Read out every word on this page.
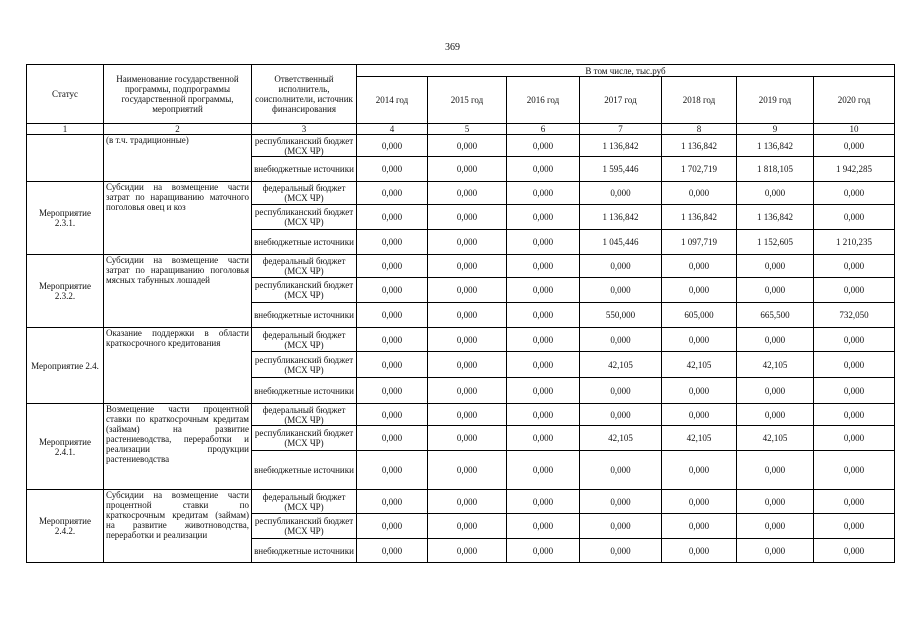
369
Статус	Наименование государственной программы, подпрограммы государственной программы, мероприятий	Ответственный исполнитель, соисполнители, источник финансирования	В том числе, тыс.руб						
			2014 год	2015 год	2016 год	2017 год	2018 год	2019 год	2020 год
1	2	3	4	5	6	7	8	9	10
	(в т.ч. традиционные)	республиканский бюджет (МСХ ЧР)	0,000	0,000	0,000	1 136,842	1 136,842	1 136,842	0,000
		внебюджетные источники	0,000	0,000	0,000	1 595,446	1 702,719	1 818,105	1 942,285
Мероприятие 2.3.1.	Субсидии на возмещение части затрат по наращиванию маточного поголовья овец и коз	федеральный бюджет (МСХ ЧР)	0,000	0,000	0,000	0,000	0,000	0,000	0,000
		республиканский бюджет (МСХ ЧР)	0,000	0,000	0,000	1 136,842	1 136,842	1 136,842	0,000
		внебюджетные источники	0,000	0,000	0,000	1 045,446	1 097,719	1 152,605	1 210,235
Мероприятие 2.3.2.	Субсидии на возмещение части затрат по наращиванию поголовья мясных табунных лошадей	федеральный бюджет (МСХ ЧР)	0,000	0,000	0,000	0,000	0,000	0,000	0,000
		республиканский бюджет (МСХ ЧР)	0,000	0,000	0,000	0,000	0,000	0,000	0,000
		внебюджетные источники	0,000	0,000	0,000	550,000	605,000	665,500	732,050
Мероприятие 2.4.	Оказание поддержки в области краткосрочного кредитования	федеральный бюджет (МСХ ЧР)	0,000	0,000	0,000	0,000	0,000	0,000	0,000
		республиканский бюджет (МСХ ЧР)	0,000	0,000	0,000	42,105	42,105	42,105	0,000
		внебюджетные источники	0,000	0,000	0,000	0,000	0,000	0,000	0,000
Мероприятие 2.4.1.	Возмещение части процентной ставки по краткосрочным кредитам (займам) на развитие растениеводства, переработки и реализации продукции растениеводства	федеральный бюджет (МСХ ЧР)	0,000	0,000	0,000	0,000	0,000	0,000	0,000
		республиканский бюджет (МСХ ЧР)	0,000	0,000	0,000	42,105	42,105	42,105	0,000
		внебюджетные источники	0,000	0,000	0,000	0,000	0,000	0,000	0,000
Мероприятие 2.4.2.	Субсидии на возмещение части процентной ставки по краткосрочным кредитам (займам) на развитие животноводства, переработки и реализации	федеральный бюджет (МСХ ЧР)	0,000	0,000	0,000	0,000	0,000	0,000	0,000
		республиканский бюджет (МСХ ЧР)	0,000	0,000	0,000	0,000	0,000	0,000	0,000
		внебюджетные источники	0,000	0,000	0,000	0,000	0,000	0,000	0,000
